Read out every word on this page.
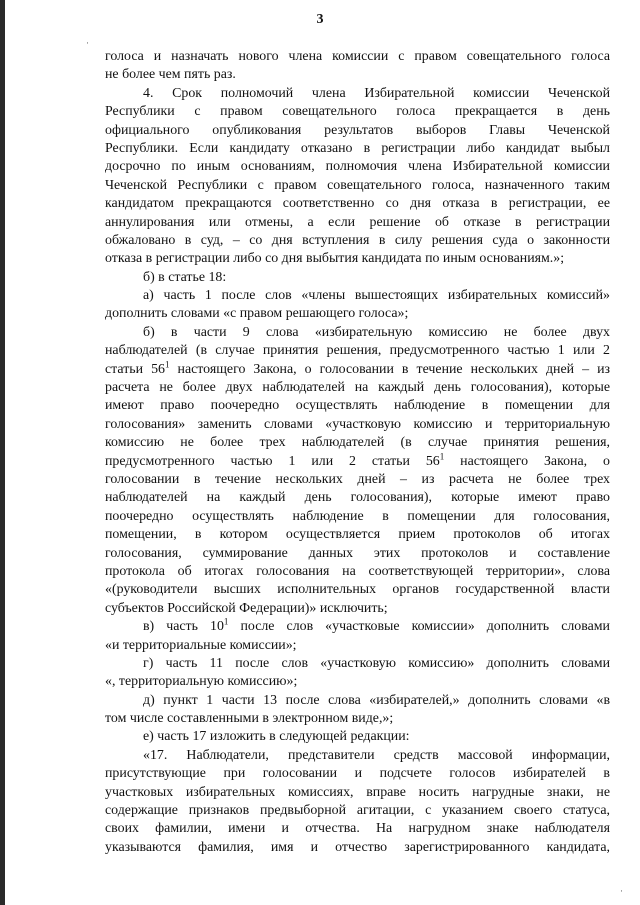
·
·
3
голоса и назначать нового члена комиссии с правом совещательного голоса
не более чем пять раз.
4. Срок полномочий члена Избирательной комиссии Чеченской
Республики с правом совещательного голоса прекращается в день
официального опубликования результатов выборов Главы Чеченской
Республики. Если кандидату отказано в регистрации либо кандидат выбыл
досрочно по иным основаниям, полномочия члена Избирательной комиссии
Чеченской Республики с правом совещательного голоса, назначенного таким
кандидатом прекращаются соответственно со дня отказа в регистрации, ее
аннулирования или отмены, а если решение об отказе в регистрации
обжаловано в суд, – со дня вступления в силу решения суда о законности
отказа в регистрации либо со дня выбытия кандидата по иным основаниям.»;
б) в статье 18:
а) часть 1 после слов «члены вышестоящих избирательных комиссий»
дополнить словами «с правом решающего голоса»;
б) в части 9 слова «избирательную комиссию не более двух
наблюдателей (в случае принятия решения, предусмотренного частью 1 или 2
статьи $56^1$ настоящего Закона, о голосовании в течение нескольких дней – из
расчета не более двух наблюдателей на каждый день голосования), которые
имеют право поочередно осуществлять наблюдение в помещении для
голосования» заменить словами «участковую комиссию и территориальную
комиссию не более трех наблюдателей (в случае принятия решения,
предусмотренного частью 1 или 2 статьи $56^1$ настоящего Закона, о
голосовании в течение нескольких дней – из расчета не более трех
наблюдателей на каждый день голосования), которые имеют право
поочередно осуществлять наблюдение в помещении для голосования,
помещении, в котором осуществляется прием протоколов об итогах
голосования, суммирование данных этих протоколов и составление
протокола об итогах голосования на соответствующей территории», слова
«(руководители высших исполнительных органов государственной власти
субъектов Российской Федерации)» исключить;
в) часть $10^1$ после слов «участковые комиссии» дополнить словами
«и территориальные комиссии»;
г) часть 11 после слов «участковую комиссию» дополнить словами
«, территориальную комиссию»;
д) пункт 1 части 13 после слова «избирателей,» дополнить словами «в
том числе составленными в электронном виде,»;
е) часть 17 изложить в следующей редакции:
«17. Наблюдатели, представители средств массовой информации,
присутствующие при голосовании и подсчете голосов избирателей в
участковых избирательных комиссиях, вправе носить нагрудные знаки, не
содержащие признаков предвыборной агитации, с указанием своего статуса,
своих фамилии, имени и отчества. На нагрудном знаке наблюдателя
указываются фамилия, имя и отчество зарегистрированного кандидата,
